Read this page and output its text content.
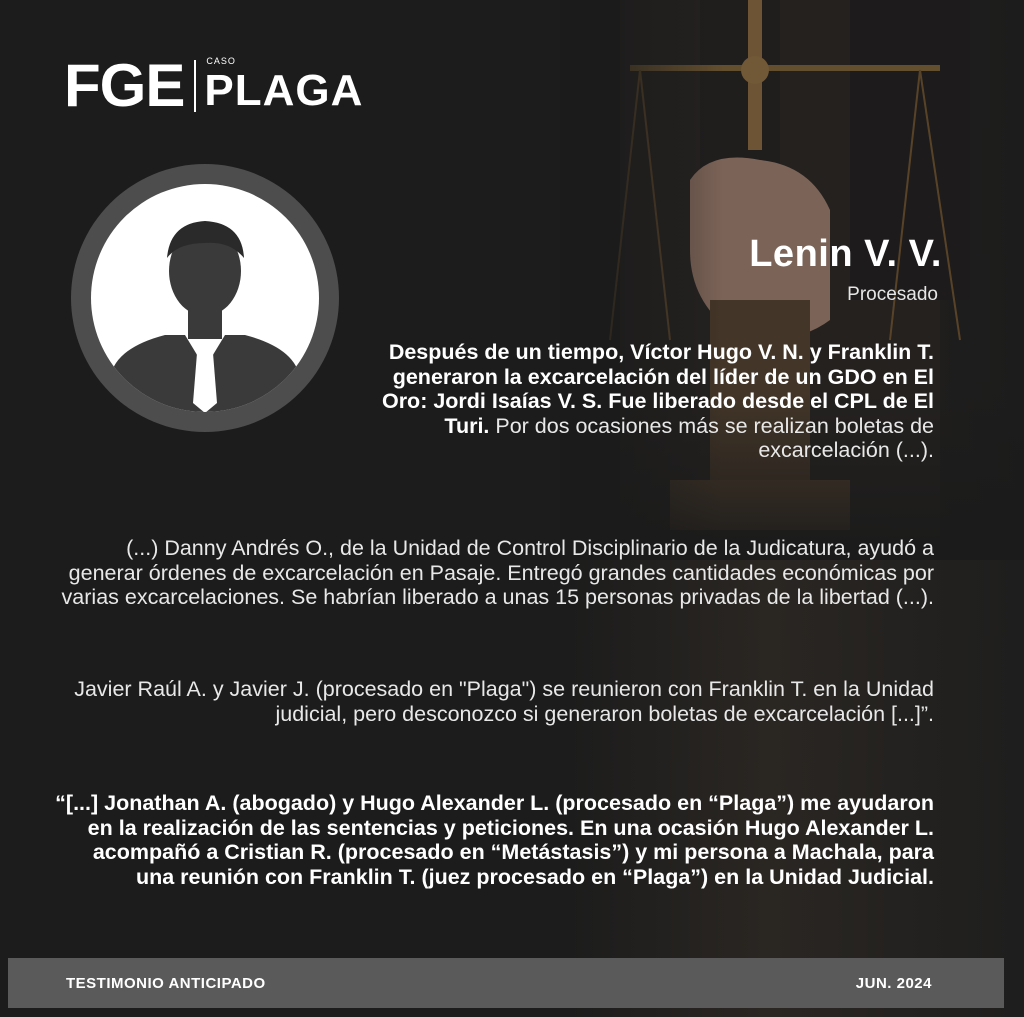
FGE CASO
PLAGA
Lenin V. V.
Procesado
Después de un tiempo, Víctor Hugo V. N. y Franklin T. generaron la excarcelación del líder de un GDO en El Oro: Jordi Isaías V. S. Fue liberado desde el CPL de El Turi. Por dos ocasiones más se realizan boletas de excarcelación (...).
(...) Danny Andrés O., de la Unidad de Control Disciplinario de la Judicatura, ayudó a generar órdenes de excarcelación en Pasaje. Entregó grandes cantidades económicas por varias excarcelaciones. Se habrían liberado a unas 15 personas privadas de la libertad (...).
Javier Raúl A. y Javier J. (procesado en "Plaga") se reunieron con Franklin T. en la Unidad judicial, pero desconozco si generaron boletas de excarcelación [...]”.
“[...] Jonathan A. (abogado) y Hugo Alexander L. (procesado en “Plaga”) me ayudaron en la realización de las sentencias y peticiones. En una ocasión Hugo Alexander L. acompañó a Cristian R. (procesado en “Metástasis”) y mi persona a Machala, para una reunión con Franklin T. (juez procesado en “Plaga”) en la Unidad Judicial.
TESTIMONIO ANTICIPADO	JUN. 2024
